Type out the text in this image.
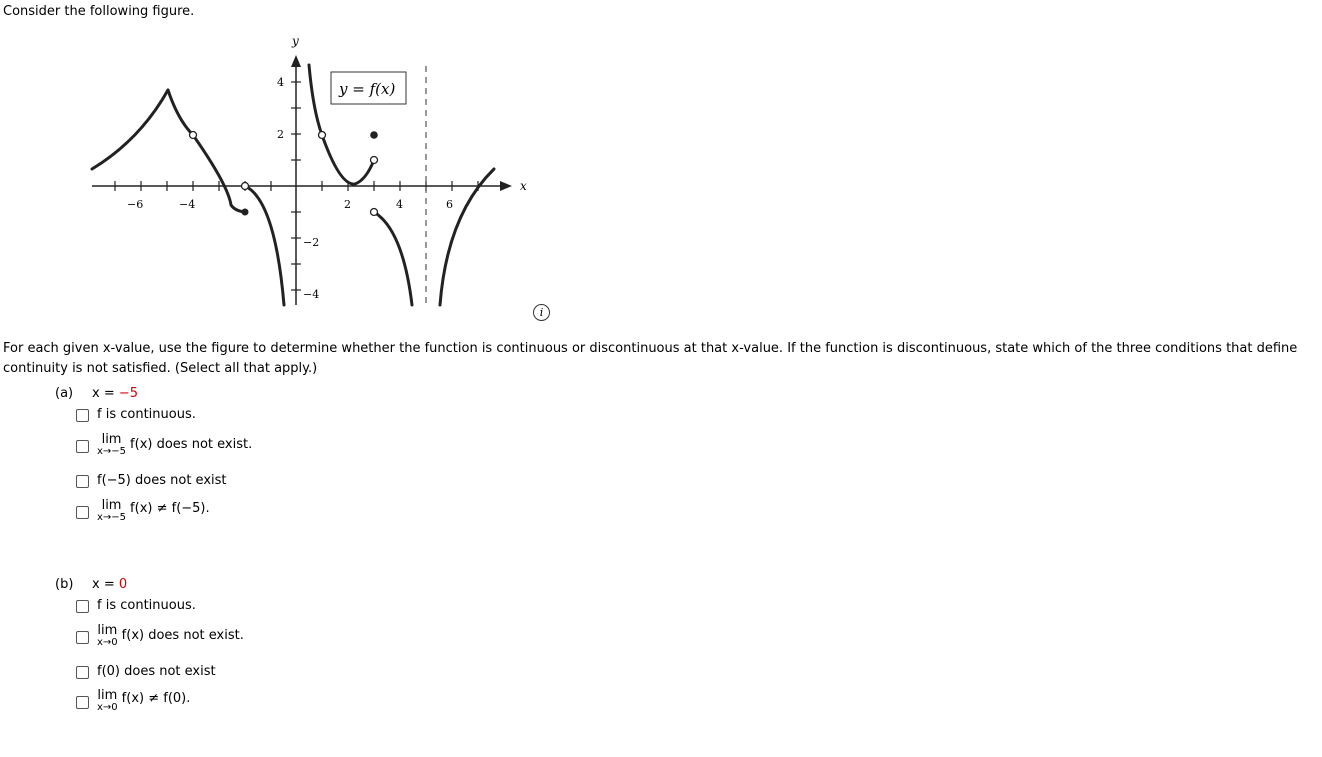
Consider the following figure.
x
y
−6	−4	2	4	6
4
2
−2
−4
y = f(x)
i
For each given x-value, use the figure to determine whether the function is continuous or discontinuous at that x-value. If the function is discontinuous, state which of the three conditions that define continuity is not satisfied. (Select all that apply.)
(a) x = −5
f is continuous.
lim
x→−5 f(x) does not exist.
f(−5) does not exist
lim
x→−5
f(x) ≠ f(−5).
(b) x = 0
f is continuous.
lim
x→0 f(x) does not exist.
f(0) does not exist
lim
x→0
f(x) ≠ f(0).
